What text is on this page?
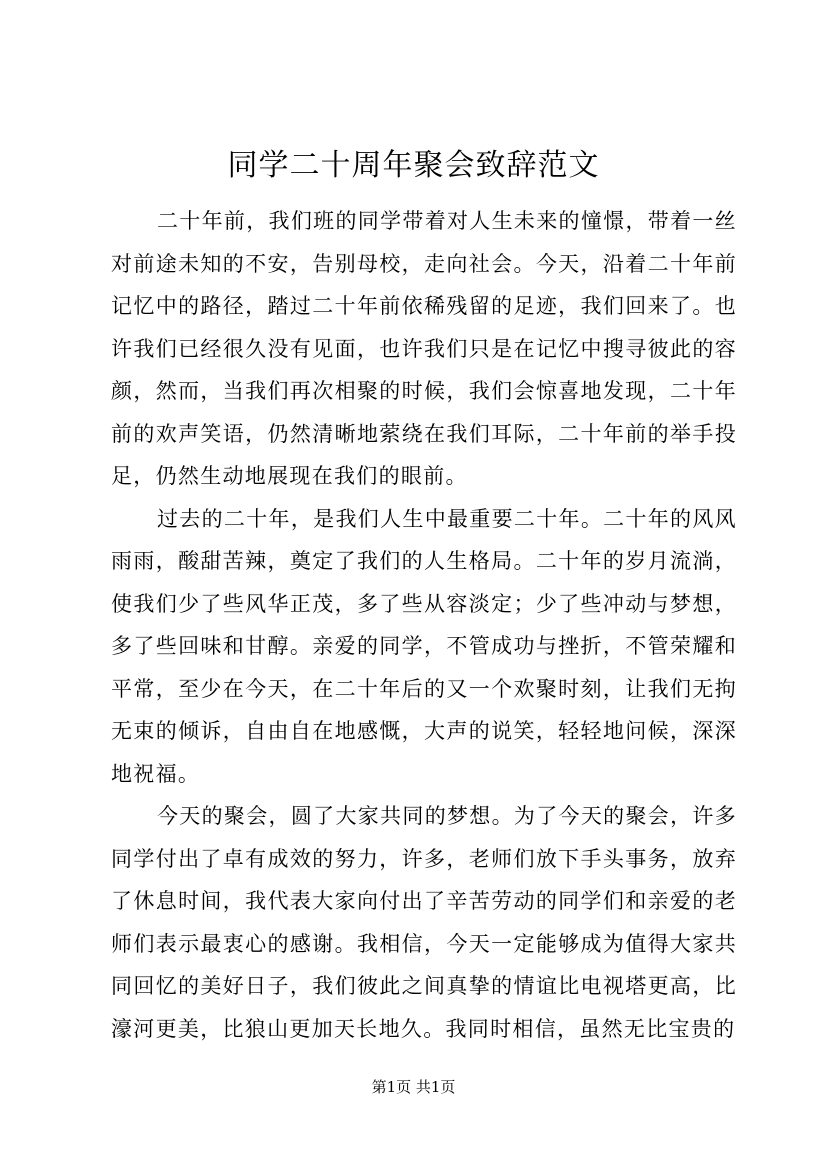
同学二十周年聚会致辞范文

二十年前，我们班的同学带着对人生未来的憧憬，带着一丝对前途未知的不安，告别母校，走向社会。今天，沿着二十年前记忆中的路径，踏过二十年前依稀残留的足迹，我们回来了。也许我们已经很久没有见面，也许我们只是在记忆中搜寻彼此的容颜，然而，当我们再次相聚的时候，我们会惊喜地发现，二十年前的欢声笑语，仍然清晰地萦绕在我们耳际，二十年前的举手投足，仍然生动地展现在我们的眼前。

过去的二十年，是我们人生中最重要二十年。二十年的风风雨雨，酸甜苦辣，奠定了我们的人生格局。二十年的岁月流淌，使我们少了些风华正茂，多了些从容淡定；少了些冲动与梦想，多了些回味和甘醇。亲爱的同学，不管成功与挫折，不管荣耀和平常，至少在今天，在二十年后的又一个欢聚时刻，让我们无拘无束的倾诉，自由自在地感慨，大声的说笑，轻轻地问候，深深地祝福。

今天的聚会，圆了大家共同的梦想。为了今天的聚会，许多同学付出了卓有成效的努力，许多，老师们放下手头事务，放弃了休息时间，我代表大家向付出了辛苦劳动的同学们和亲爱的老师们表示最衷心的感谢。我相信，今天一定能够成为值得大家共同回忆的美好日子，我们彼此之间真挚的情谊比电视塔更高，比濠河更美，比狼山更加天长地久。我同时相信，虽然无比宝贵的

第1页 共1页
